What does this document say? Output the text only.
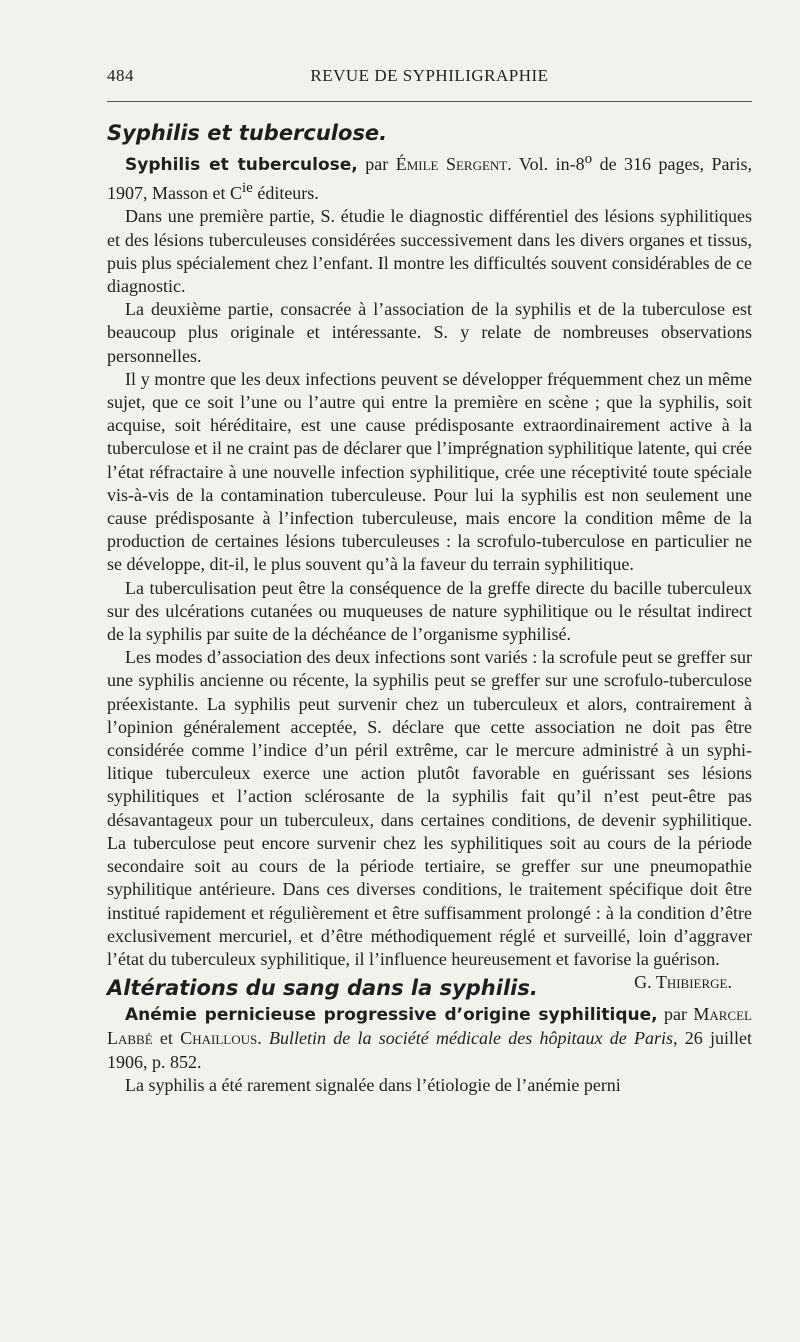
484	REVUE DE SYPHILIGRAPHIE
Syphilis et tuberculose.

Syphilis et tuberculose, par Émile Sergent. Vol. in-8$^o$ de 316 pages, Paris, 1907, Masson et $C^{ie}$ éditeurs.

Dans une première partie, S. étudie le diagnostic différentiel des lésions syphilitiques et des lésions tuberculeuses considérées successivement dans les divers organes et tissus, puis plus spécialement chez l’enfant. Il montre les difficultés souvent considérables de ce diagnostic.

La deuxième partie, consacrée à l’association de la syphilis et de la tuberculose est beaucoup plus originale et intéressante. S. y relate de nombreuses observations personnelles.

Il y montre que les deux infections peuvent se développer fréquemment chez un même sujet, que ce soit l’une ou l’autre qui entre la première en scène ; que la syphilis, soit acquise, soit héréditaire, est une cause prédisposante extraordinairement active à la tuberculose et il ne craint pas de déclarer que l’imprégnation syphilitique latente, qui crée l’état réfractaire à une nouvelle infection syphilitique, crée une réceptivité toute spéciale vis-à-vis de la contamination tuberculeuse. Pour lui la syphilis est non seulement une cause prédisposante à l’infection tuberculeuse, mais encore la condition même de la production de certaines lésions tuberculeuses : la scrofulo-tuberculose en particulier ne se développe, dit-il, le plus souvent qu’à la faveur du terrain syphilitique.

La tuberculisation peut être la conséquence de la greffe directe du bacille tuberculeux sur des ulcérations cutanées ou muqueuses de nature syphilitique ou le résultat indirect de la syphilis par suite de la déchéance de l’organisme syphilisé.

Les modes d’association des deux infections sont variés : la scrofule peut se greffer sur une syphilis ancienne ou récente, la syphilis peut se greffer sur une scrofulo-tuberculose préexistante. La syphilis peut survenir chez un tuberculeux et alors, contrairement à l’opinion généralement acceptée, S. déclare que cette association ne doit pas être considérée comme l’indice d’un péril extrême, car le mercure administré à un syphilitique tuberculeux exerce une action plutôt favorable en guérissant ses lésions syphilitiques et l’action sclérosante de la syphilis fait qu’il n’est peut-être pas désavantageux pour un tuberculeux, dans certaines conditions, de devenir syphilitique. La tuberculose peut encore survenir chez les syphilitiques soit au cours de la période secondaire soit au cours de la période tertiaire, se greffer sur une pneumopathie syphilitique antérieure. Dans ces diverses conditions, le traitement spécifique doit être institué rapidement et régulièrement et être suffisamment prolongé : à la condition d’être exclusivement mercuriel, et d’être méthodiquement réglé et surveillé, loin d’aggraver l’état du tuberculeux syphilitique, il l’influence heureusement et favorise la guérison.
G. Thibierge.

Altérations du sang dans la syphilis.

Anémie pernicieuse progressive d’origine syphilitique, par Marcel Labbé et Chaillous. Bulletin de la société médicale des hôpitaux de Paris, 26 juillet 1906, p. 852.

La syphilis a été rarement signalée dans l’étiologie de l’anémie perni
